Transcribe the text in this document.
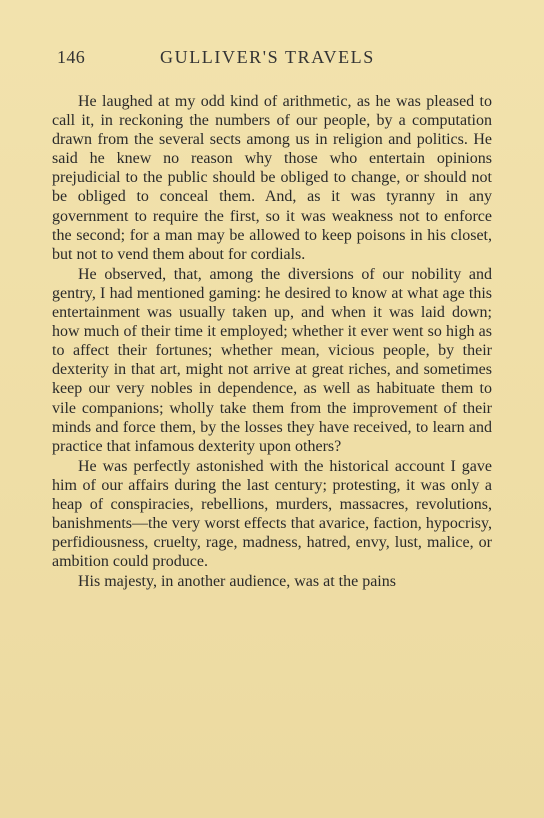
146	GULLIVER'S TRAVELS

He laughed at my odd kind of arithmetic, as he was pleased to call it, in reckoning the numbers of our people, by a computation drawn from the several sects among us in religion and politics. He said he knew no reason why those who entertain opinions prejudicial to the public should be obliged to change, or should not be obliged to conceal them. And, as it was tyranny in any government to require the first, so it was weakness not to enforce the second; for a man may be allowed to keep poisons in his closet, but not to vend them about for cordials.

He observed, that, among the diversions of our nobility and gentry, I had mentioned gaming: he desired to know at what age this entertainment was usually taken up, and when it was laid down; how much of their time it employed; whether it ever went so high as to affect their fortunes; whether mean, vicious people, by their dexterity in that art, might not arrive at great riches, and sometimes keep our very nobles in dependence, as well as habituate them to vile companions; wholly take them from the improvement of their minds and force them, by the losses they have received, to learn and practice that infamous dexterity upon others?

He was perfectly astonished with the historical account I gave him of our affairs during the last century; protesting, it was only a heap of conspiracies, rebellions, murders, massacres, revolutions, banishments—the very worst effects that avarice, faction, hypocrisy, perfidiousness, cruelty, rage, madness, hatred, envy, lust, malice, or ambition could produce.

His majesty, in another audience, was at the pains
